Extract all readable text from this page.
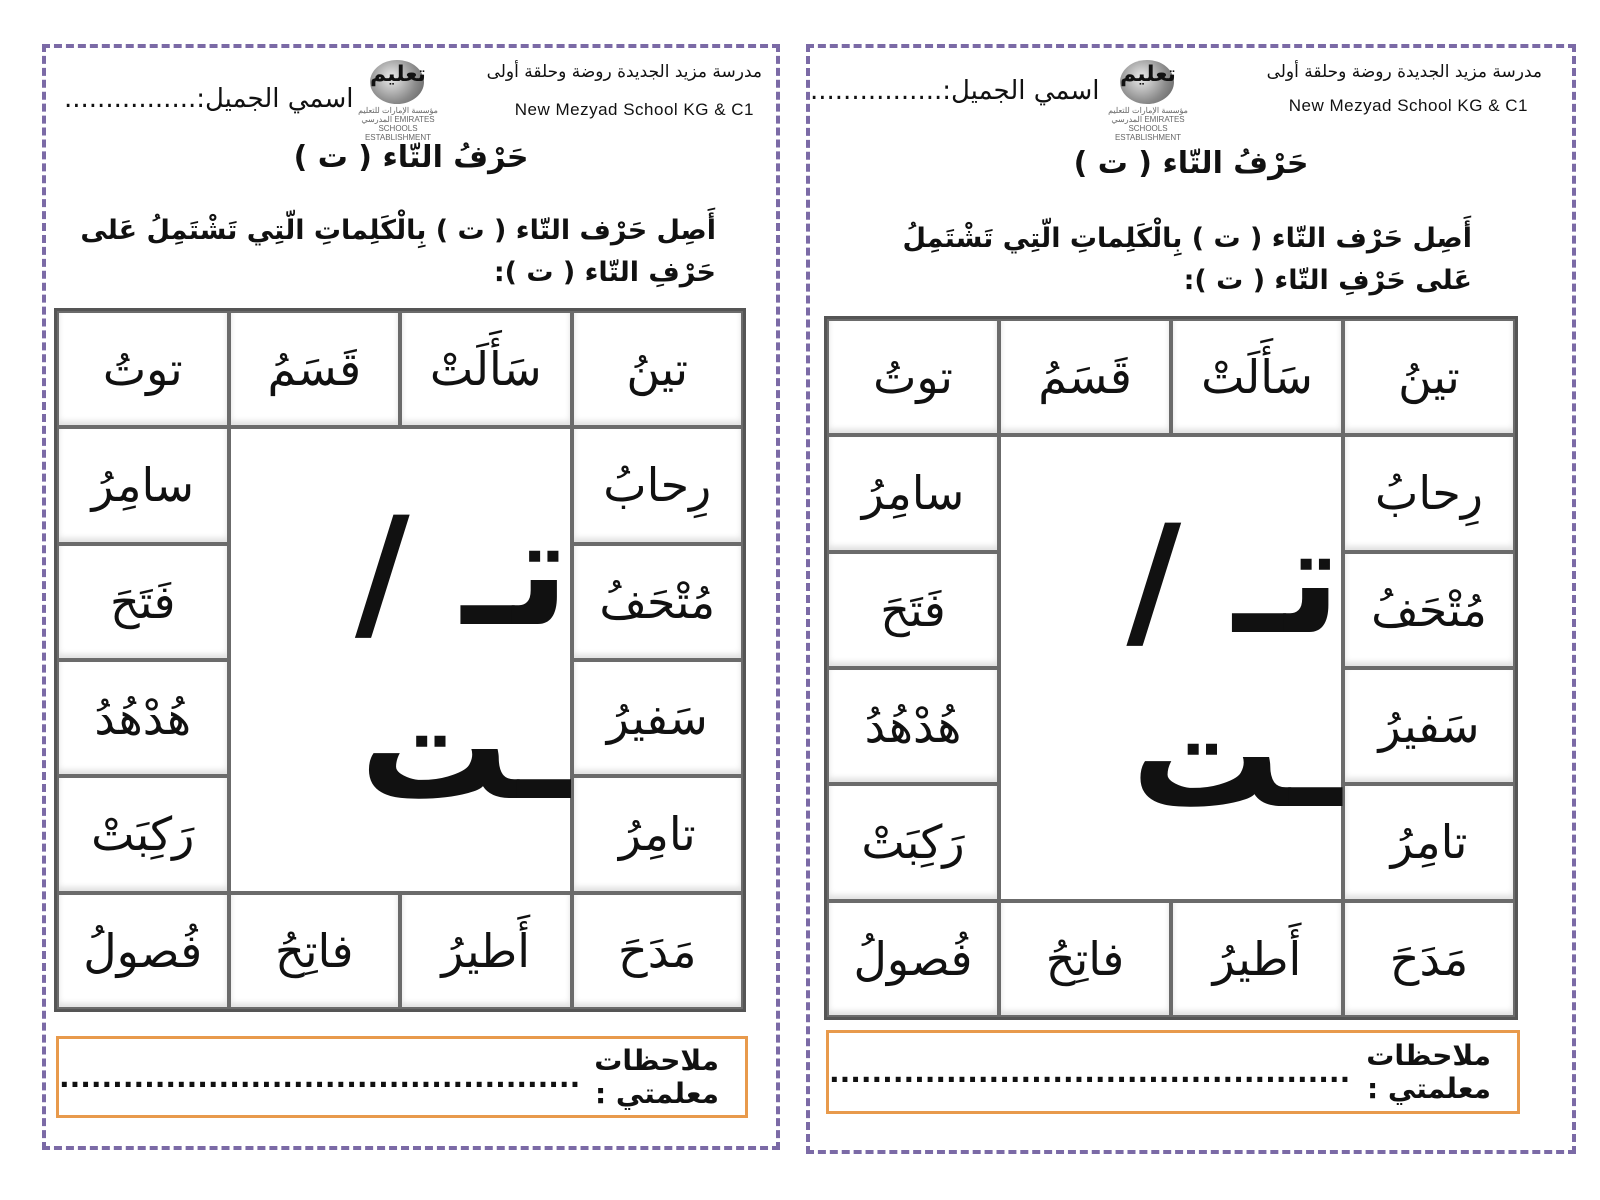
مدرسة مزيد الجديدة روضة وحلقة أولى
New Mezyad School KG & C1
تعليم
مؤسسة الإمارات للتعليم المدرسي EMIRATES SCHOOLS ESTABLISHMENT
اسمي الجميل:................
حَرْفُ التّاء ( ت )
أَصِل حَرْف التّاء ( ت ) بِالْكَلِماتِ الّتِي تَشْتَمِلُ عَلى حَرْفِ التّاء ( ت ):
تينُ
سَأَلَتْ
قَسَمُ
توتُ
رِحابُ
مُتْحَفُ
سَفيرُ
تامِرُ
سامِرُ
فَتَحَ
هُدْهُدُ
رَكِبَتْ
تـ / ـت
مَدَحَ
أَطيرُ
فاتِحُ
فُصولُ
ملاحظات معلمتي :

.................................................
مدرسة مزيد الجديدة روضة وحلقة أولى
New Mezyad School KG & C1
تعليم
مؤسسة الإمارات للتعليم المدرسي EMIRATES SCHOOLS ESTABLISHMENT
اسمي الجميل:................
حَرْفُ التّاء ( ت )
أَصِل حَرْف التّاء ( ت ) بِالْكَلِماتِ الّتِي تَشْتَمِلُ عَلى حَرْفِ التّاء ( ت ):
تينُ
سَأَلَتْ
قَسَمُ
توتُ
رِحابُ
مُتْحَفُ
سَفيرُ
تامِرُ
سامِرُ
فَتَحَ
هُدْهُدُ
رَكِبَتْ
تـ / ـت
مَدَحَ
أَطيرُ
فاتِحُ
فُصولُ
ملاحظات معلمتي :

.................................................
